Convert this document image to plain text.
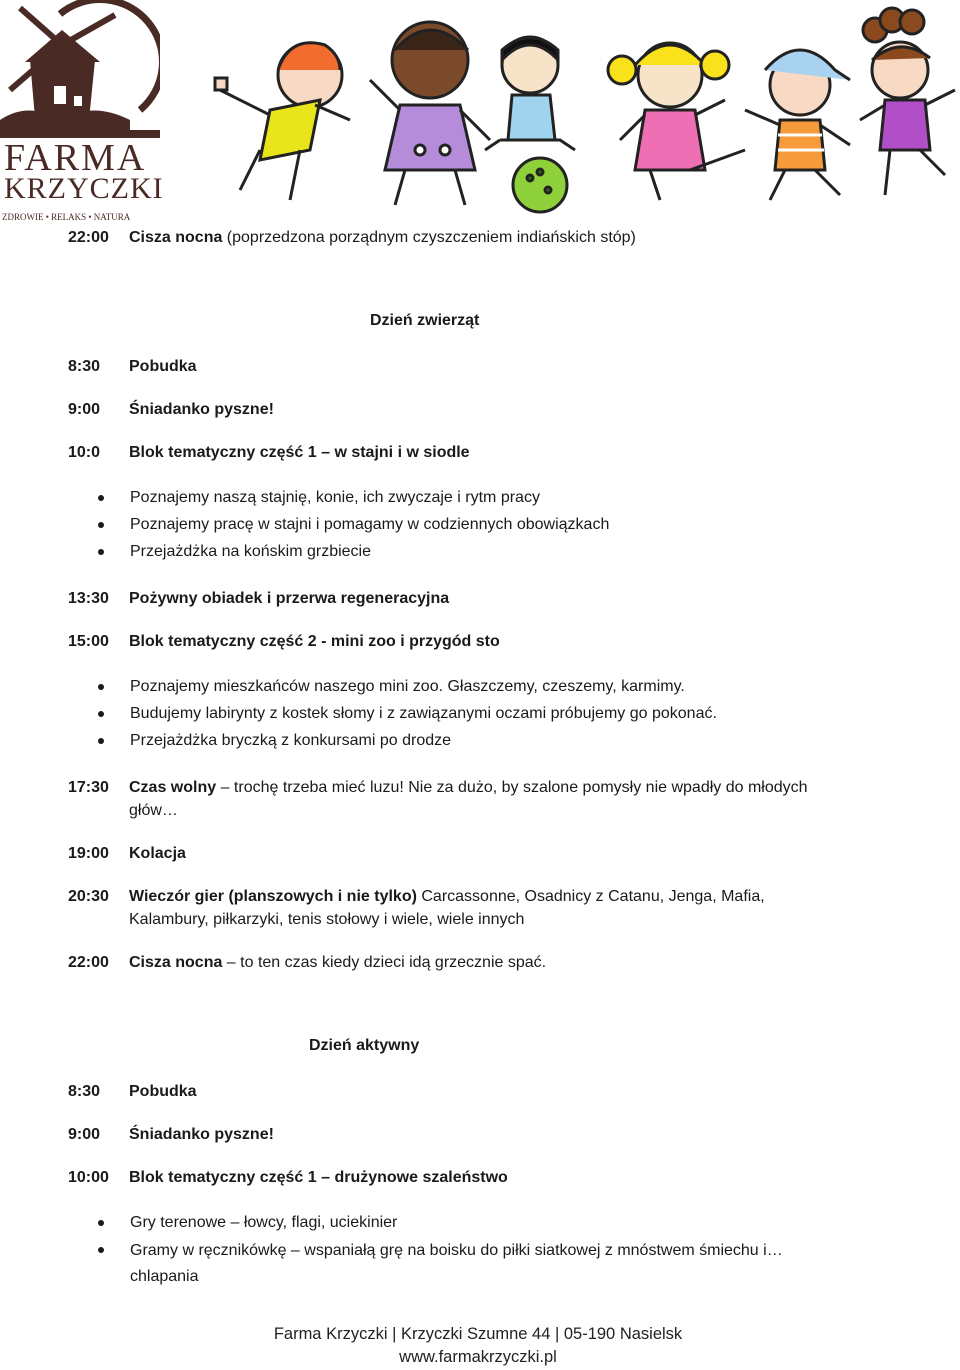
FARMA
KRZYCZKI
ZDROWIE • RELAKS • NATURA
22:00 Cisza nocna (poprzedzona porządnym czyszczeniem indiańskich stóp)
Dzień zwierząt
8:30 Pobudka
9:00 Śniadanko pyszne!
10:0 Blok tematyczny część 1 – w stajni i w siodle
Poznajemy naszą stajnię, konie, ich zwyczaje i rytm pracy
Poznajemy pracę w stajni i pomagamy w codziennych obowiązkach
Przejażdżka na końskim grzbiecie
13:30 Pożywny obiadek i przerwa regeneracyjna
15:00 Blok tematyczny część 2 - mini zoo i przygód sto
Poznajemy mieszkańców naszego mini zoo. Głaszczemy, czeszemy, karmimy.
Budujemy labirynty z kostek słomy i z zawiązanymi oczami próbujemy go pokonać.
Przejażdżka bryczką z konkursami po drodze
17:30 Czas wolny – trochę trzeba mieć luzu! Nie za dużo, by szalone pomysły nie wpadły do młodych głów…
19:00 Kolacja
20:30 Wieczór gier (planszowych i nie tylko) Carcassonne, Osadnicy z Catanu, Jenga, Mafia, Kalambury, piłkarzyki, tenis stołowy i wiele, wiele innych
22:00 Cisza nocna – to ten czas kiedy dzieci idą grzecznie spać.
Dzień aktywny
8:30 Pobudka
9:00 Śniadanko pyszne!
10:00 Blok tematyczny część 1 – drużynowe szaleństwo
Gry terenowe – łowcy, flagi, uciekinier
Gramy w ręcznikówkę – wspaniałą grę na boisku do piłki siatkowej z mnóstwem śmiechu i… chlapania
Farma Krzyczki | Krzyczki Szumne 44 | 05-190 Nasielsk
www.farmakrzyczki.pl
